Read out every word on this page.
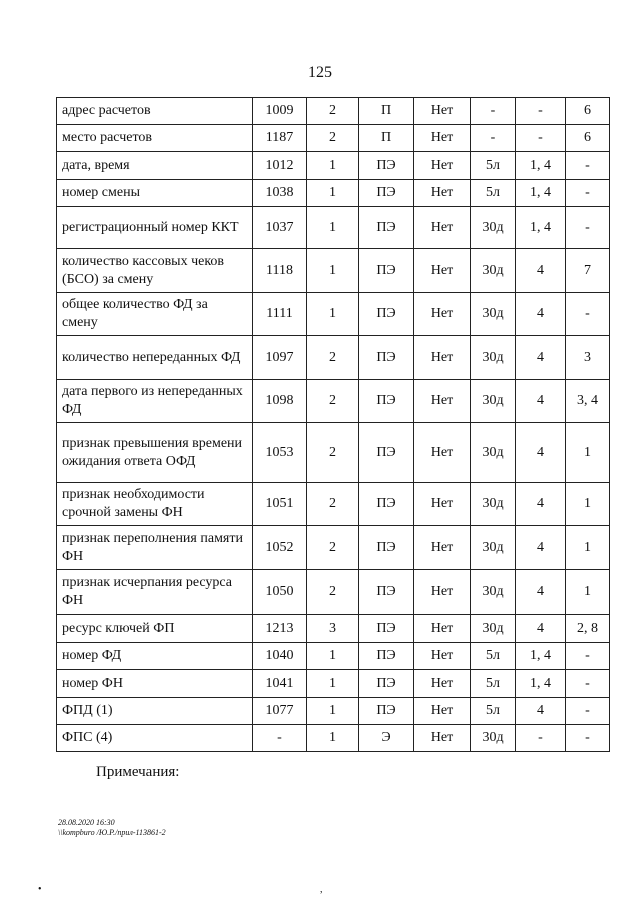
125
адрес расчетов	1009	2	П	Нет	-	-	6
место расчетов	1187	2	П	Нет	-	-	6
дата, время	1012	1	ПЭ	Нет	5л	1, 4	-
номер смены	1038	1	ПЭ	Нет	5л	1, 4	-
регистрационный номер ККТ	1037	1	ПЭ	Нет	30д	1, 4	-
количество кассовых чеков (БСО) за смену	1118	1	ПЭ	Нет	30д	4	7
общее количество ФД за смену	1111	1	ПЭ	Нет	30д	4	-
количество непереданных ФД	1097	2	ПЭ	Нет	30д	4	3
дата первого из непереданных ФД	1098	2	ПЭ	Нет	30д	4	3, 4
признак превышения времени ожидания ответа ОФД	1053	2	ПЭ	Нет	30д	4	1
признак необходимости срочной замены ФН	1051	2	ПЭ	Нет	30д	4	1
признак переполнения памяти ФН	1052	2	ПЭ	Нет	30д	4	1
признак исчерпания ресурса ФН	1050	2	ПЭ	Нет	30д	4	1
ресурс ключей ФП	1213	3	ПЭ	Нет	30д	4	2, 8
номер ФД	1040	1	ПЭ	Нет	5л	1, 4	-
номер ФН	1041	1	ПЭ	Нет	5л	1, 4	-
ФПД (1)	1077	1	ПЭ	Нет	5л	4	-
ФПС (4)	-	1	Э	Нет	30д	-	-
Примечания:
28.08.2020 16:30
\\kompburo /Ю.Р./прил-113861-2
•	,
